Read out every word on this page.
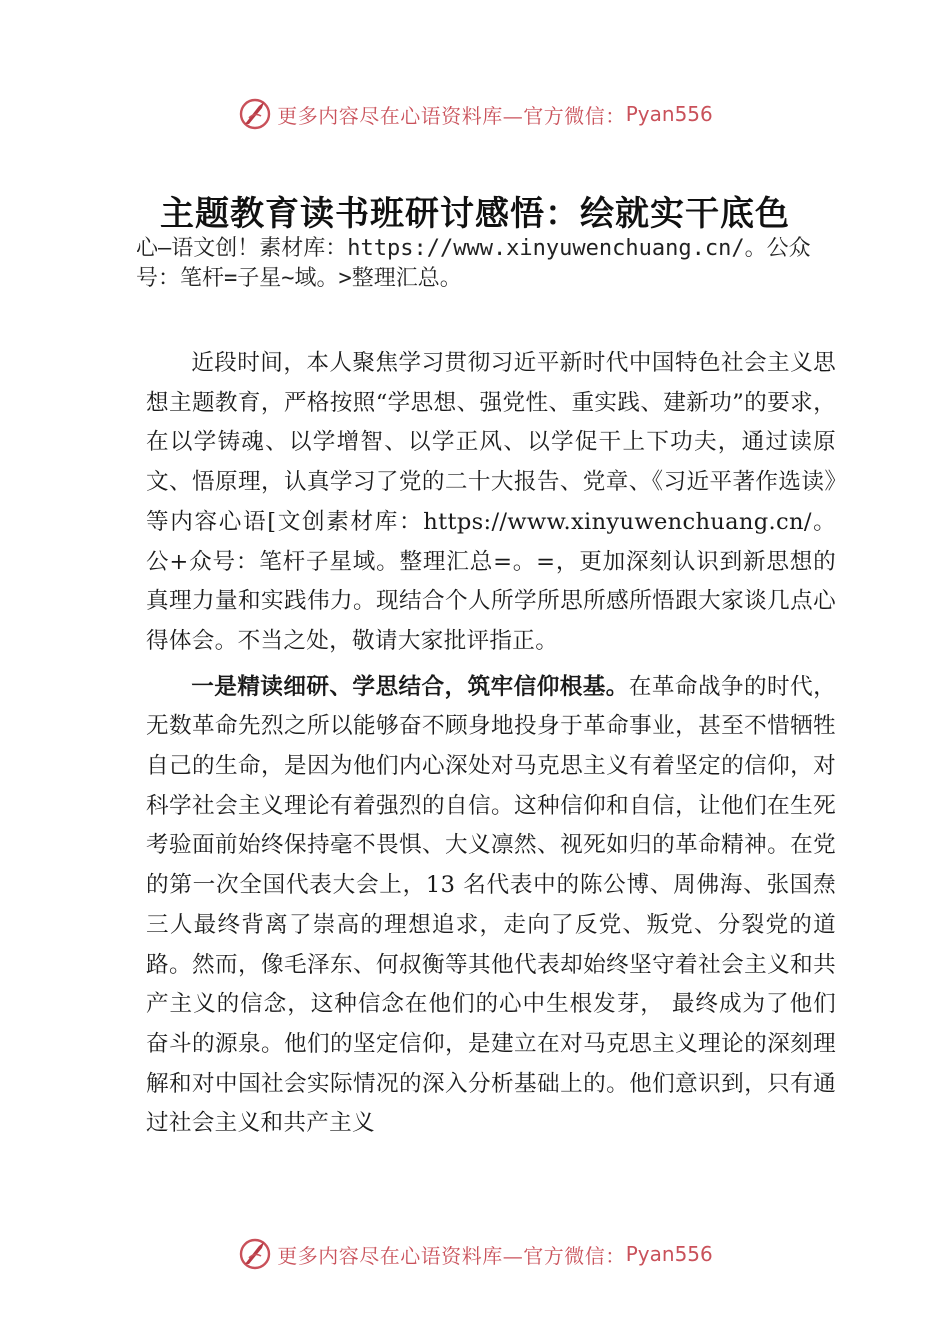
更多内容尽在心语资料库—官方微信： Pyan556
主题教育读书班研讨感悟：绘就实干底色
心—语文创！素材库：https://www.xinyuwenchuang.cn/。公众号：笔杆=子星~域。>整理汇总。

近段时间，本人聚焦学习贯彻习近平新时代中国特色社会主义思想主题教育，严格按照“学思想、强党性、重实践、建新功”的要求，在以学铸魂、以学增智、以学正风、以学促干上下功夫，通过读原文、悟原理，认真学习了党的二十大报告、党章、《习近平著作选读》等内容心语[文创素材库：https://www.xinyuwenchuang.cn/。公+众号：笔杆子星域。整理汇总=。=，更加深刻认识到新思想的真理力量和实践伟力。现结合个人所学所思所感所悟跟大家谈几点心得体会。不当之处，敬请大家批评指正。

一是精读细研、学思结合，筑牢信仰根基。在革命战争的时代，无数革命先烈之所以能够奋不顾身地投身于革命事业，甚至不惜牺牲自己的生命，是因为他们内心深处对马克思主义有着坚定的信仰，对科学社会主义理论有着强烈的自信。这种信仰和自信，让他们在生死考验面前始终保持毫不畏惧、大义凛然、视死如归的革命精神。在党的第一次全国代表大会上，13 名代表中的陈公博、周佛海、张国焘三人最终背离了崇高的理想追求，走向了反党、叛党、分裂党的道路。然而，像毛泽东、何叔衡等其他代表却始终坚守着社会主义和共产主义的信念，这种信念在他们的心中生根发芽， 最终成为了他们奋斗的源泉。他们的坚定信仰，是建立在对马克思主义理论的深刻理解和对中国社会实际情况的深入分析基础上的。他们意识到，只有通过社会主义和共产主义

更多内容尽在心语资料库—官方微信： Pyan556
